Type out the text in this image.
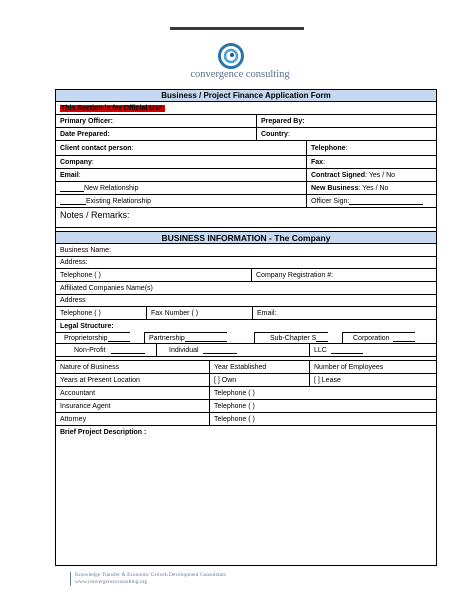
convergence consulting
Business / Project Finance Application Form
This Section is for Official Use
Primary Officer:	Prepared By:
Date Prepared:	Country :
Client contact person :	Telephone :
Company :	Fax :
Email :	Contract Signed : Yes / No
New Relationship	New Business : Yes / No
Existing Relationship	Officer Sign:
Notes / Remarks:
BUSINESS INFORMATION - The Company
Business Name:
Address:
Telephone ( )	Company Registration #:
Affiliated Companies Name(s)
Address
Telephone ( )	Fax Number ( )	Email:
Legal Structure:
Proprietorship	Partnership	Sub-Chapter S	Corporation
Non-Profit	Individual	LLC
Nature of Business	Year Established	Number of Employees
Years at Present Location	[ ] Own	[ ] Lease
Accountant	Telephone ( )
Insurance Agent	Telephone ( )
Attorney	Telephone ( )
Brief Project Description :
Knowledge Transfer & Economic Growth Development Consultants
www.convergenceconsulting.org
